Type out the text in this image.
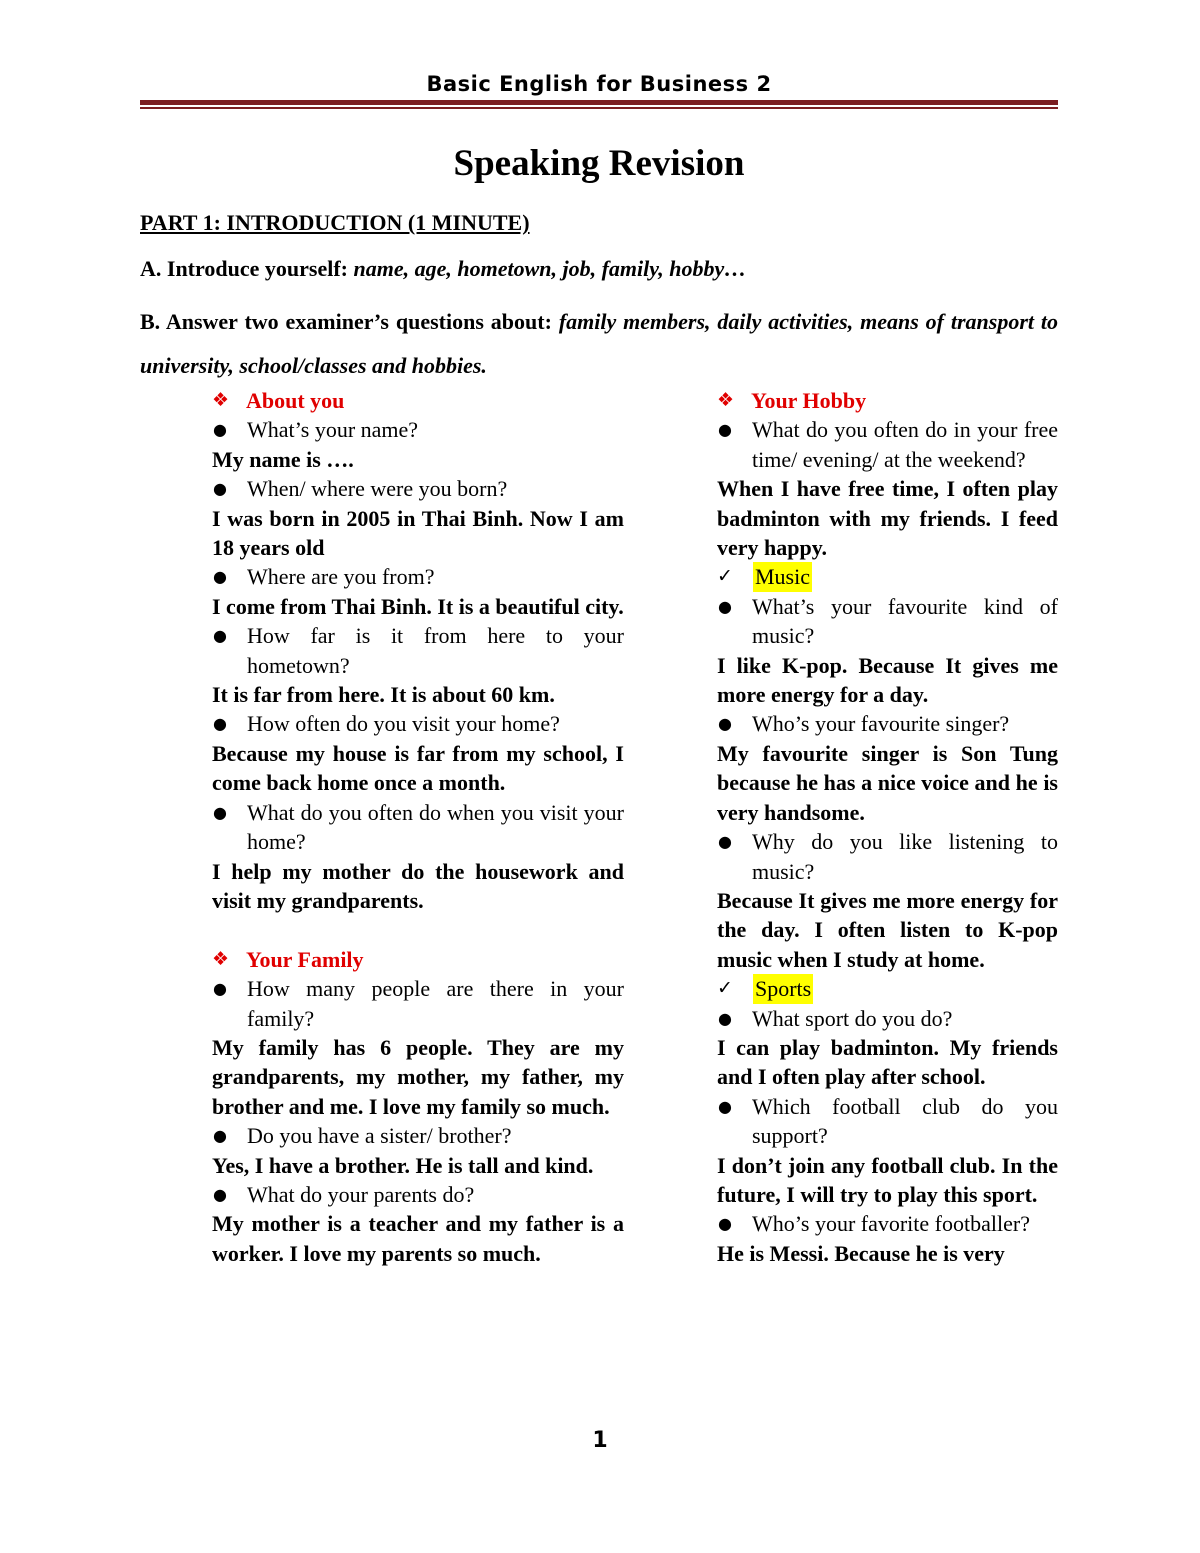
Basic English for Business 2
Speaking Revision
PART 1: INTRODUCTION (1 MINUTE)
A. Introduce yourself: name, age, hometown, job, family, hobby…
B. Answer two examiner’s questions about: family members, daily activities, means of transport to university, school/classes and hobbies.
❖ About you
● What’s your name?
My name is ….
● When/ where were you born?
I was born in 2005 in Thai Binh. Now I am 18 years old
● Where are you from?
I come from Thai Binh. It is a beautiful city.
● How far is it from here to your hometown?
It is far from here. It is about 60 km.
● How often do you visit your home?
Because my house is far from my school, I come back home once a month.
● What do you often do when you visit your home?
I help my mother do the housework and visit my grandparents.
❖ Your Family
● How many people are there in your family?
My family has 6 people. They are my grandparents, my mother, my father, my brother and me. I love my family so much.
● Do you have a sister/ brother?
Yes, I have a brother. He is tall and kind.
● What do your parents do?
My mother is a teacher and my father is a worker. I love my parents so much.
❖ Your Hobby
● What do you often do in your free time/ evening/ at the weekend?
When I have free time, I often play badminton with my friends. I feed very happy.
✓	Music
● What’s your favourite kind of music?
I like K-pop. Because It gives me more energy for a day.
● Who’s your favourite singer?
My favourite singer is Son Tung because he has a nice voice and he is very handsome.
● Why do you like listening to music?
Because It gives me more energy for the day. I often listen to K-pop music when I study at home.
✓	Sports
● What sport do you do?
I can play badminton. My friends and I often play after school.
● Which football club do you support?
I don’t join any football club. In the future, I will try to play this sport.
● Who’s your favorite footballer?
He is Messi. Because he is very
1
